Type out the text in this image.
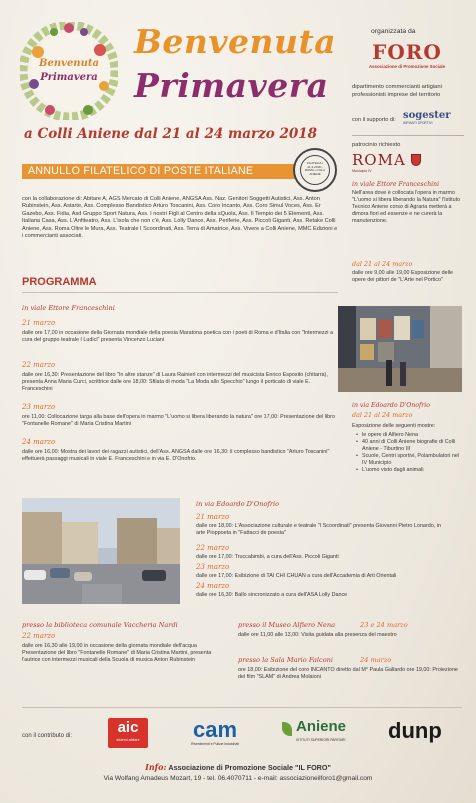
Benvenuta
Primavera
Benvenuta
Primavera
a Colli Aniene dal 21 al 24 marzo 2018
organizzata da
FORO
Associazione di Promozione Sociale
dipartimento commercianti artigiani professionisti imprese del territorio
con il supporto di: sogester
IMPIANTI SPORTIVI
patrocinio richiesto
ROMA
Municipio IV
ANNULLO FILATELICO DI POSTE ITALIANE
FILATELIA • 21.3.2018 • ROMA • COLLI ANIENE
con la collaborazione di: Abitare A, AGS Mercato di Colli Aniene, ANGSA Ass. Naz. Genitori Soggetti Autistici, Ass. Anton Rubinstein, Ass. Astarte, Ass. Complesso Bandistico Arturo Toscanini, Ass. Coro Incanto, Ass. Coro Simul Voces, Ass. Er Gazebo, Ass. Fidia, Asd Gruppo Sport Natura, Ass. I nostri Figli al Centro della sQuola, Ass. Il Tempio dei 5 Elementi, Ass. Italiana Casa, Ass. L'Anfiteatro, Ass. L'isola che non c'è, Ass. Lolly Dance, Ass. Periferie, Ass. Piccoli Giganti, Ass. Retake Colli Aniene, Ass. Roma Oltre le Mura, Ass. Teatrale I Scoordinati, Ass. Terra di Amatrice, Ass. Vivere a Colli Aniene, MMC Edizioni e i commercianti associati.
PROGRAMMA
in viale Ettore Franceschini
21 marzo
dalle ore 17,00 in occasione della Giornata mondiale della poesia Maratona poetica con i poeti di Roma e d'Italia con "Intermezzi a cura del gruppo teatrale I Ludici" presenta Vincenzo Luciani
22 marzo
dalle ore 16,30: Presentazione del libro "In altre stanze" di Laura Rainieri con intermezzi del musicista Enrico Esposito (chitarra), presenta Anna Maria Curci, scrittrice dalle ore 18,00: Sfilata di moda "La Moda allo Specchio" lungo il porticato di viale E. Franceschini
23 marzo
ore 11,00: Collocazione targa alla base dell'opera in marmo "L'uomo si libera liberando la natura" ore 17,00: Presentazione del libro "Fontanelle Romane" di Maria Cristina Martini
24 marzo
dalle ore 16,00: Mostra dei lavori dei ragazzi autistici, dell'Ass. ANGSA dalle ore 16,30: il complesso bandistico "Arturo Toscanini" effettuerà passaggi musicali in viale E. Franceschini e in via E. D'Onofrio.
in via Edoardo D'Onofrio
21 marzo
dalle ore 18,00: L'Associazione culturale e teatrale "I Scoordinati" presenta Giovanni Pietro Lonardo, in arte Pioppoeta in "Fattacci de poesia"
22 marzo
dalle ore 17,00: Truccabimbi, a cura dell'Ass. Piccoli Giganti
23 marzo
dalle ore 17,00: Esibizione di TAI CHI CHUAN a cura dell'Accademia di Arti Orientali
24 marzo
dalle ore 16,30: Ballo sincronizzato a cura dell'ASA Lolly Dance
in viale Ettore Franceschini
Nell'area dove è collocata l'opera in marmo "L'uomo si libera liberando la Natura" l'Istituto Tecnico Aniene corso di Agraria metterà a dimora fiori ed essenze e ne curerà la manutenzione.
dal 21 al 24 marzo
dalle ore 9,00 alle 19,00 Esposizione delle opere dei pittori de "L'Arte nel Portico"
in via Edoardo D'Onofrio
dal 21 al 24 marzo
Esposizione delle seguenti mostre:
• le opere di Alfiero Nena
• 40 anni di Colli Aniene biografie di Colli Aniene - Tiburtino III
• Scuole, Centri sportivi, Polambulatori nel IV Municipio
• L'uomo visto dagli animali
presso la biblioteca comunale Vaccheria Nardi
22 marzo
dalle ore 16,30 alle 19,00 in occasione della giornata mondiale dell'acqua Presentazione del libro "Fontanelle Romane" di Maria Cristina Martini, presenta l'autrice con intermezzi musicali della Scuola di musica Anton Rubinstein
presso il Museo Alfiero Nena	23 e 24 marzo
dalle ore 11,00 alle 13,00: Visita guidata alla presenza del maestro
presso la Sala Mario Falconi	24 marzo
ore 18,00: Esibizione del coro INCANTO diretto dal M° Paula Gallardo ore 19,00: Proiezione del film "SLAM" di Andrea Molaioni
con il contributo di:	aic
sistemi abitare	cam
Rivestimenti e Pulizie Industriali
Aniene
ISTITUTI SUPERIORI PARITARI dunp
Info: Associazione di Promozione Sociale "IL FORO"
Via Wolfang Amadeus Mozart, 19 - tel. 06.4070711 - e-mail: associazioneilforo1@gmail.com
